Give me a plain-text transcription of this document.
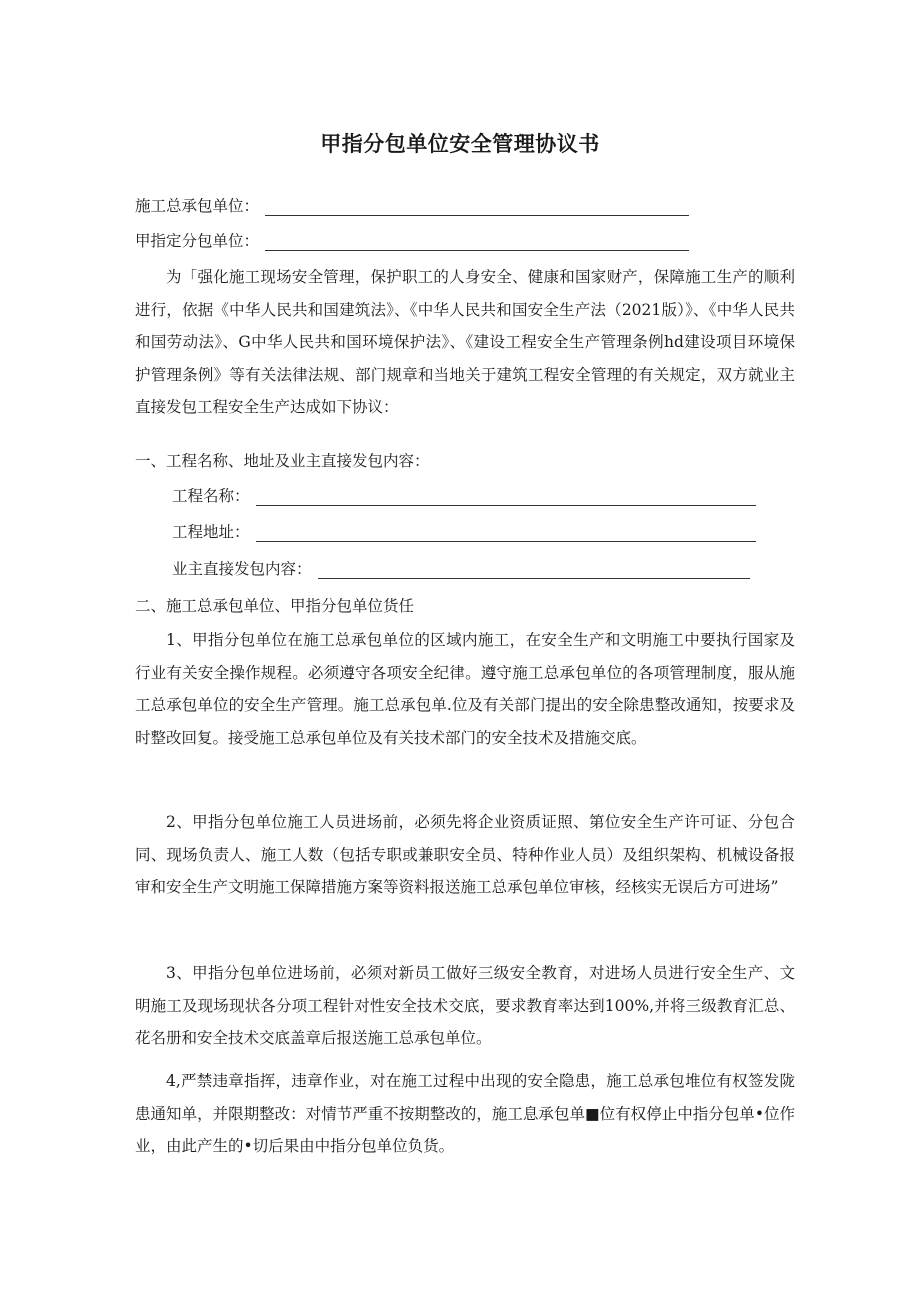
甲指分包单位安全管理协议书
施工总承包单位：
甲指定分包单位：

为「强化施工现场安全管理，保护职工的人身安全、健康和国家财产，保障施工生产的顺利进行，依据《中华人民共和国建筑法》、《中华人民共和国安全生产法（2021版）》、《中华人民共和国劳动法》、G中华人民共和国环境保护法》、《建设工程安全生产管理条例hd建设项目环境保护管理条例》等有关法律法规、部门规章和当地关于建筑工程安全管理的有关规定，双方就业主直接发包工程安全生产达成如下协议：

一、工程名称、地址及业主直接发包内容：

工程名称：
工程地址：
业主直接发包内容：

二、施工总承包单位、甲指分包单位货任

1、甲指分包单位在施工总承包单位的区域内施工，在安全生产和文明施工中要执行国家及行业有关安全操作规程。必须遵守各项安全纪律。遵守施工总承包单位的各项管理制度，服从施工总承包单位的安全生产管理。施工总承包单.位及有关部门提出的安全除患整改通知，按要求及时整改回复。接受施工总承包单位及有关技术部门的安全技术及措施交底。

2、甲指分包单位施工人员进场前，必须先将企业资质证照、第位安全生产许可证、分包合同、现场负责人、施工人数（包括专职或兼职安全员、特种作业人员）及组织架构、机械设备报审和安全生产文明施工保障措施方案等资料报送施工总承包单位审核，经核实无误后方可进场”

3、甲指分包单位进场前，必须对新员工做好三级安全教育，对进场人员进行安全生产、文明施工及现场现状各分项工程针对性安全技术交底，要求教育率达到100%,并将三级教育汇总、花名册和安全技术交底盖章后报送施工总承包单位。

4,严禁违章指挥，违章作业，对在施工过程中出现的安全隐患，施工总承包堆位有权签发陇患通知单，并限期整改：对情节严重不按期整改的，施工息承包单■位有权停止中指分包单•位作业，由此产生的•切后果由中指分包单位负货。
